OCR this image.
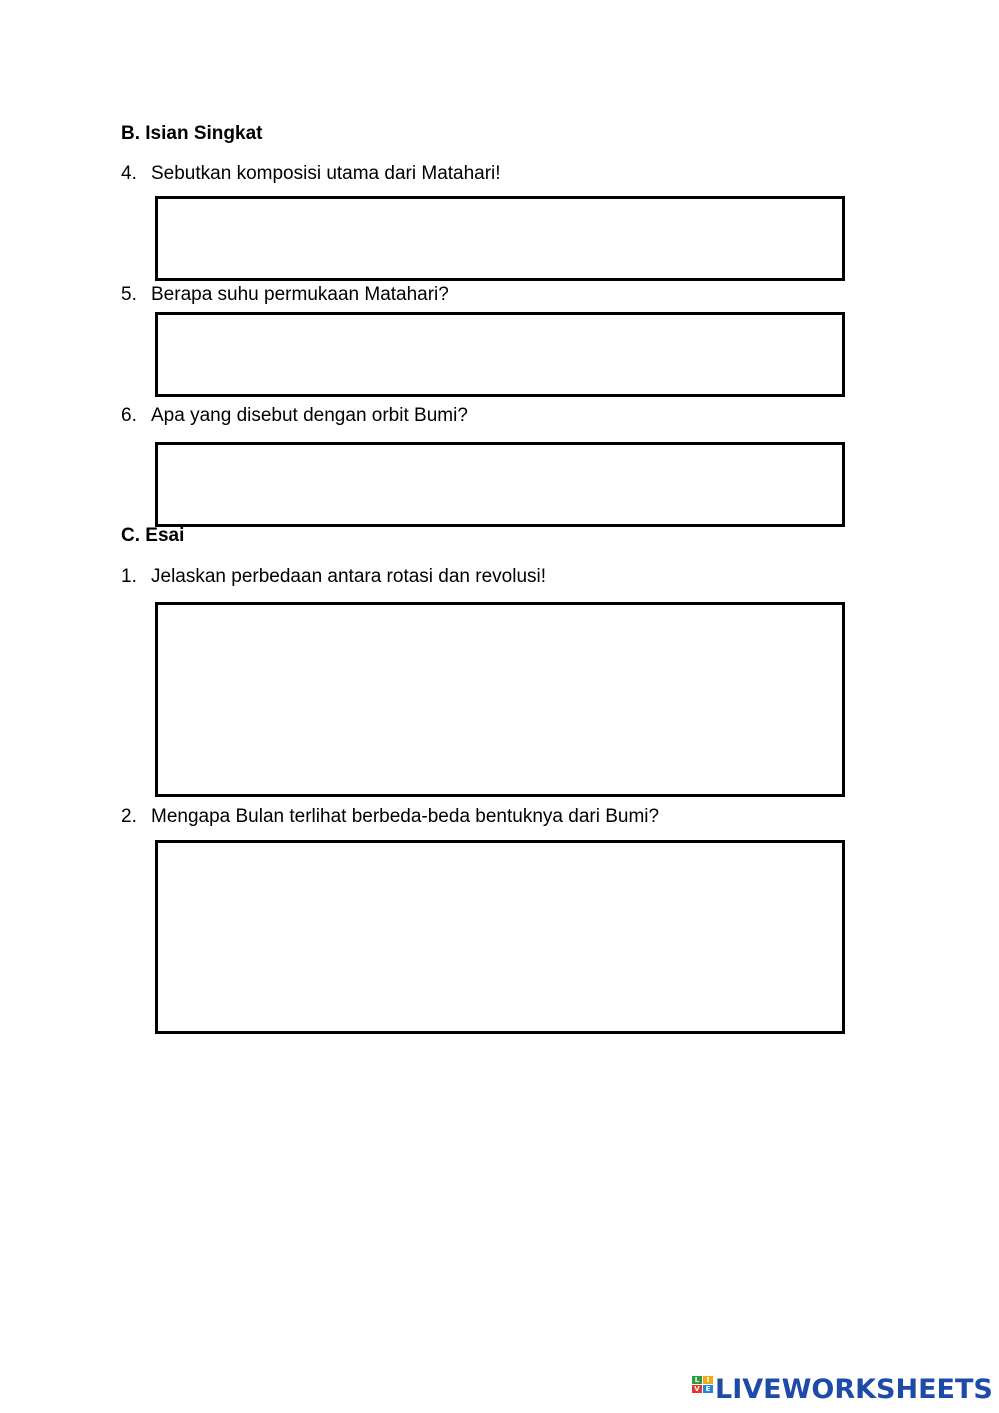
B. Isian Singkat

4. Sebutkan komposisi utama dari Matahari!

5. Berapa suhu permukaan Matahari?

6. Apa yang disebut dengan orbit Bumi?

C. Esai

1. Jelaskan perbedaan antara rotasi dan revolusi!

2. Mengapa Bulan terlihat berbeda-beda bentuknya dari Bumi?

L	I
V E LIVEWORKSHEETS
